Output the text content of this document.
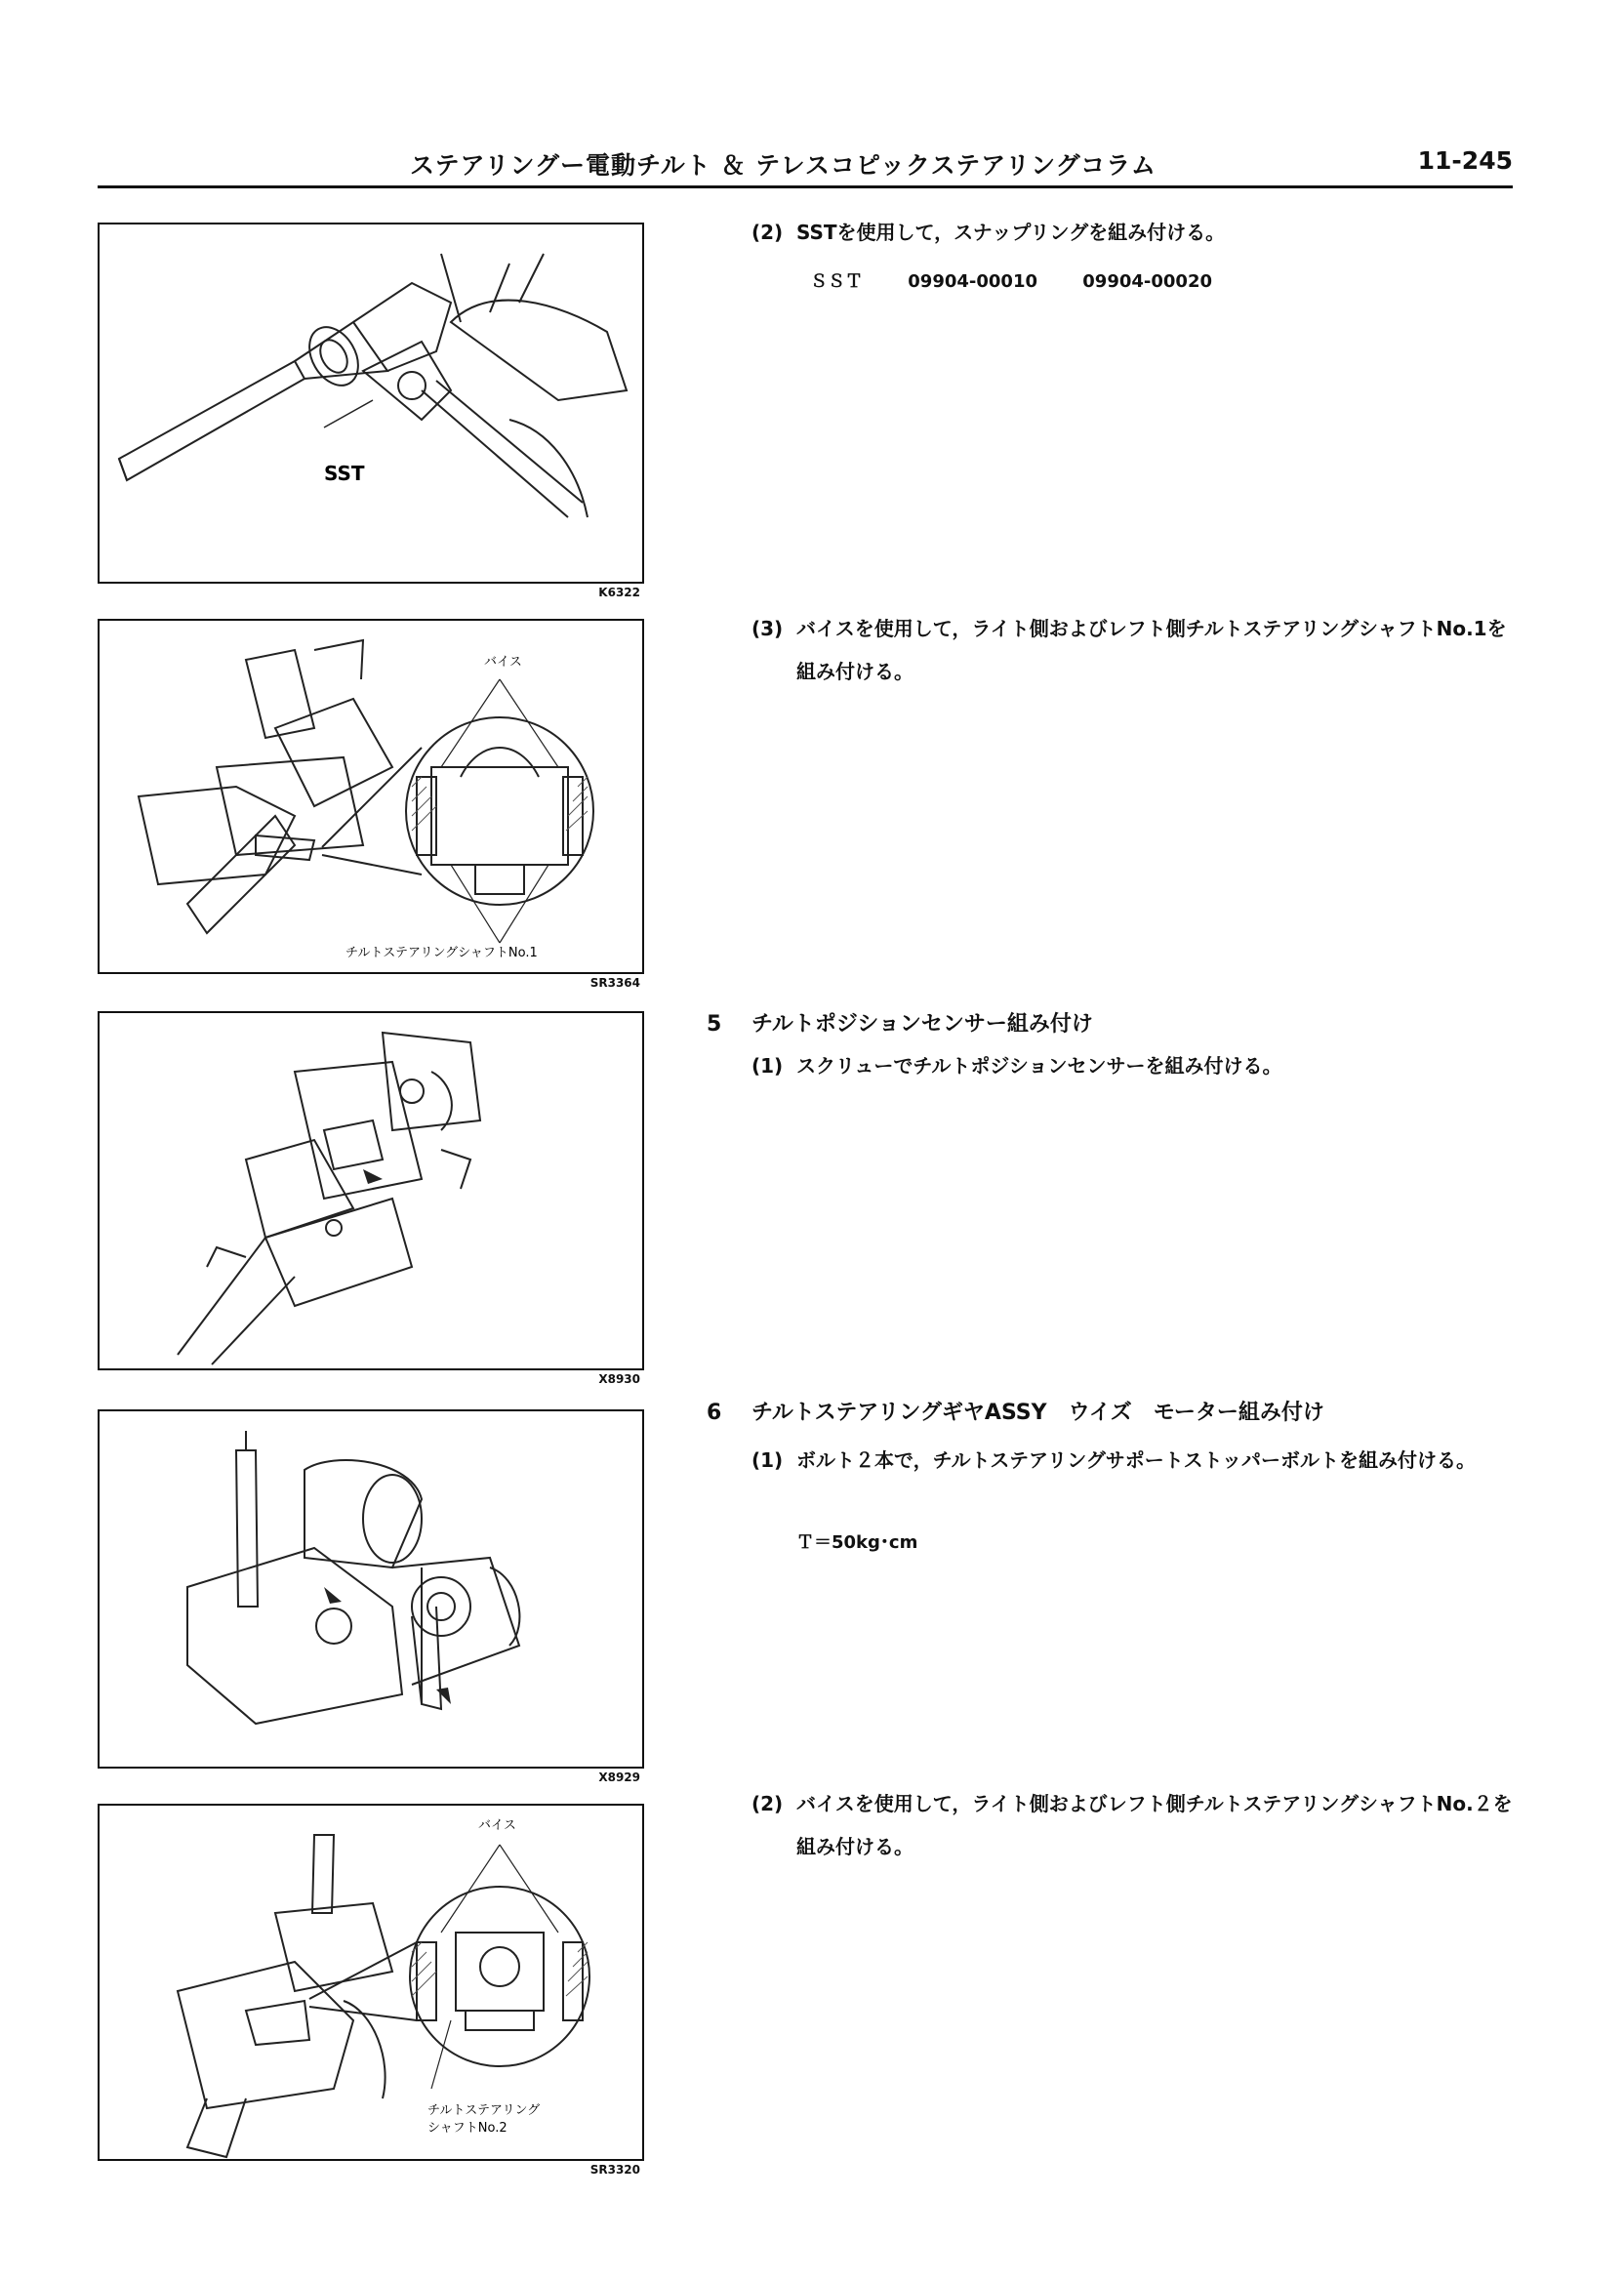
ステアリングー電動チルト ＆ テレスコピックステアリングコラム	11-245
SST
K6322
バイス
チルトステアリングシャフトNo.1
SR3364
X8930
X8929
バイス
チルトステアリング
シャフトNo.2
SR3320
(2) SSTを使用して，スナップリングを組み付ける。
ＳＳＴ	09904-00010	09904-00020
(3) バイスを使用して，ライト側およびレフト側チルトステアリングシャフトNo.1を組み付ける。
5 チルトポジションセンサー組み付け
(1) スクリューでチルトポジションセンサーを組み付ける。
6 チルトステアリングギヤASSY　ウイズ　モーター組み付け
(1) ボルト２本で，チルトステアリングサポートストッパーボルトを組み付ける。
Ｔ＝50kg･cm
(2) バイスを使用して，ライト側およびレフト側チルトステアリングシャフトNo.２を組み付ける。
